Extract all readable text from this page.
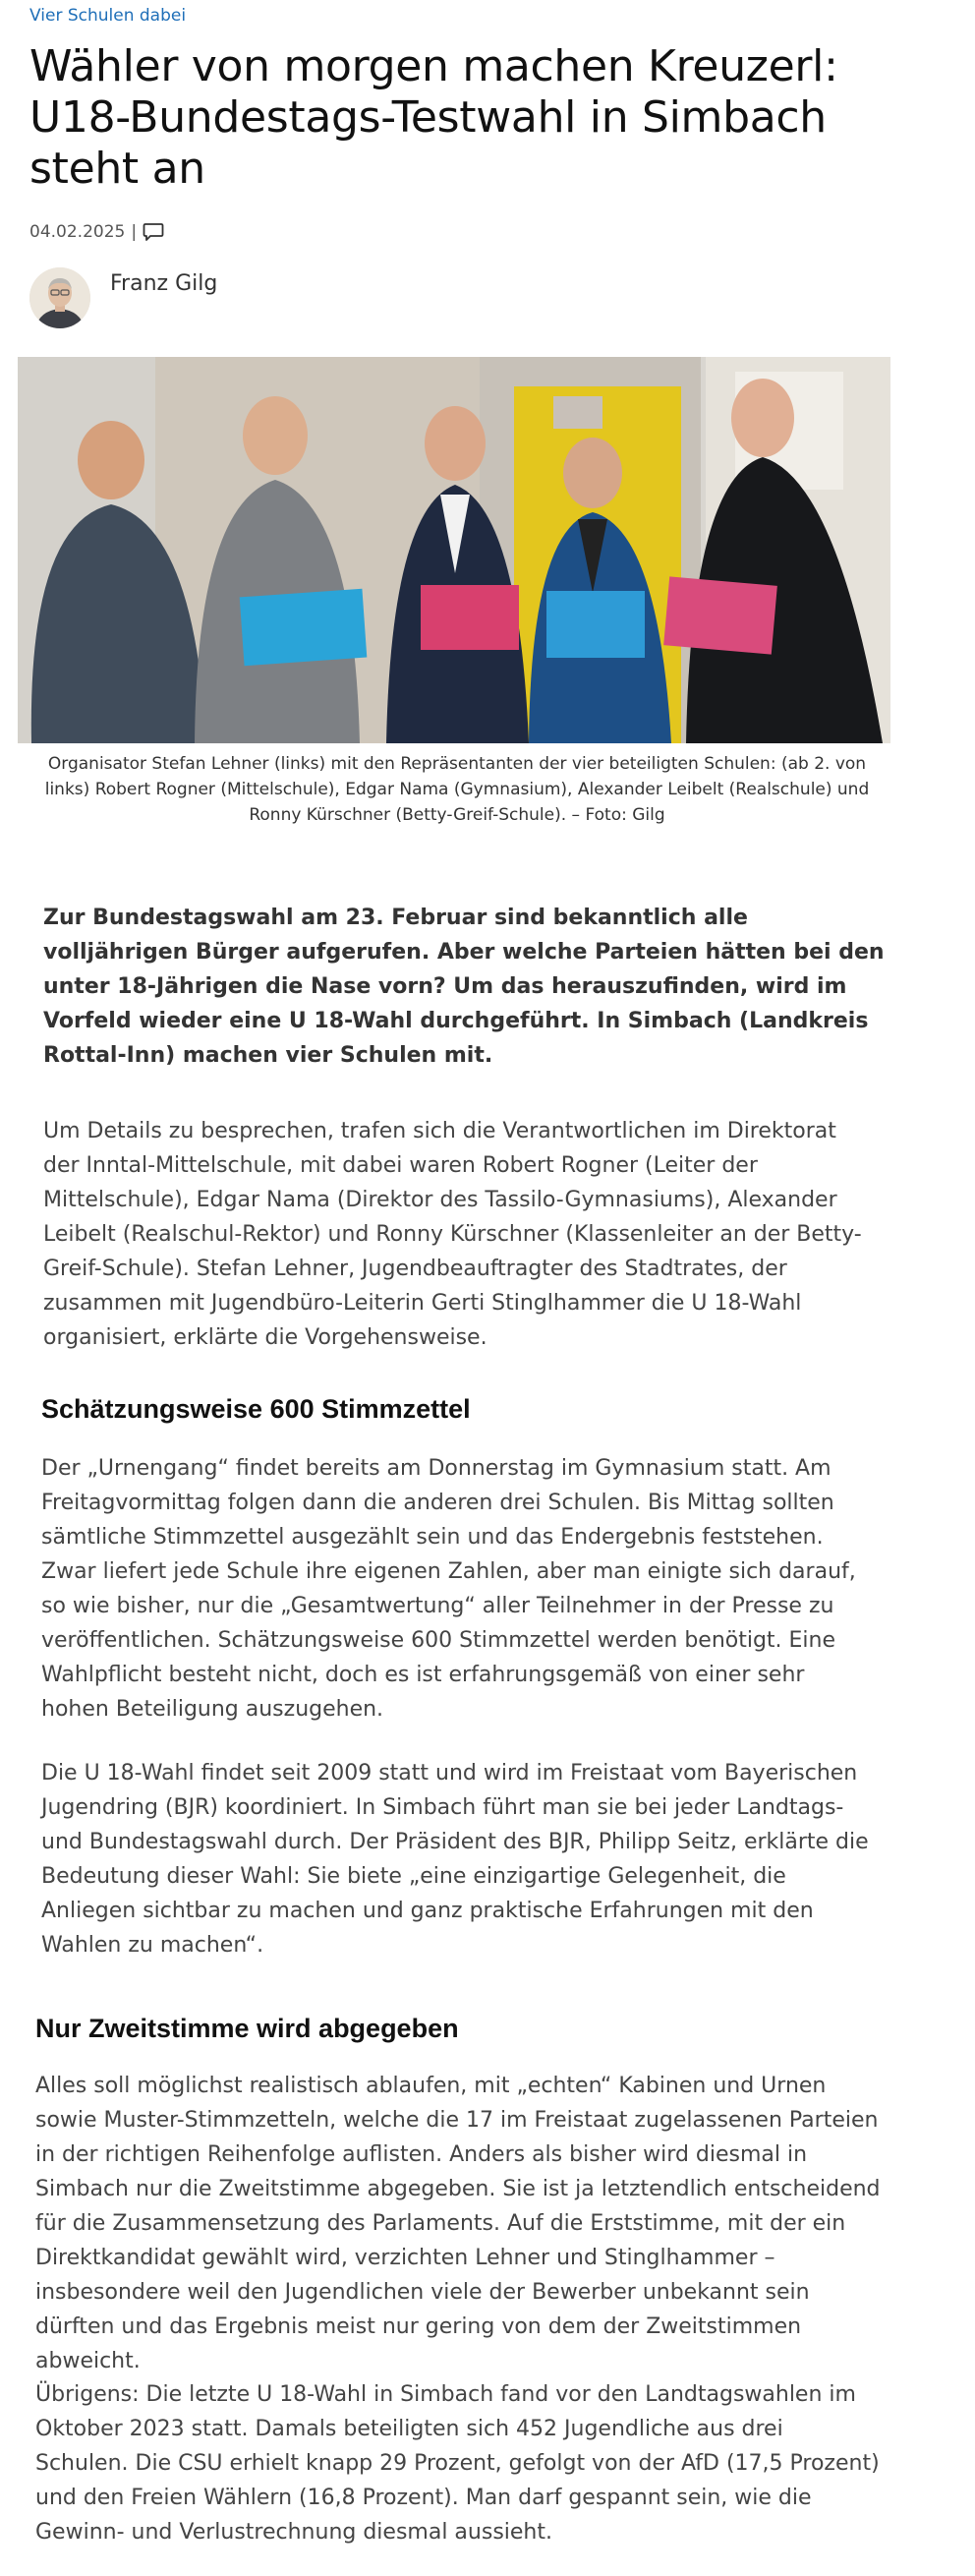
Vier Schulen dabei
Wähler von morgen machen Kreuzerl: U18-Bundestags-Testwahl in Simbach steht an
04.02.2025 |
Franz Gilg
Organisator Stefan Lehner (links) mit den Repräsentanten der vier beteiligten Schulen: (ab 2. von links) Robert Rogner (Mittelschule), Edgar Nama (Gymnasium), Alexander Leibelt (Realschule) und Ronny Kürschner (Betty-Greif-Schule). – Foto: Gilg

Zur Bundestagswahl am 23. Februar sind bekanntlich alle volljährigen Bürger aufgerufen. Aber welche Parteien hätten bei den unter 18-Jährigen die Nase vorn? Um das herauszufinden, wird im Vorfeld wieder eine U 18-Wahl durchgeführt. In Simbach (Landkreis Rottal-Inn) machen vier Schulen mit.

Um Details zu besprechen, trafen sich die Verantwortlichen im Direktorat der Inntal-Mittelschule, mit dabei waren Robert Rogner (Leiter der Mittelschule), Edgar Nama (Direktor des Tassilo-Gymnasiums), Alexander Leibelt (Realschul-Rektor) und Ronny Kürschner (Klassenleiter an der Betty-Greif-Schule). Stefan Lehner, Jugendbeauftragter des Stadtrates, der zusammen mit Jugendbüro-Leiterin Gerti Stinglhammer die U 18-Wahl organisiert, erklärte die Vorgehensweise.

Schätzungsweise 600 Stimmzettel

Der „Urnengang“ findet bereits am Donnerstag im Gymnasium statt. Am Freitagvormittag folgen dann die anderen drei Schulen. Bis Mittag sollten sämtliche Stimmzettel ausgezählt sein und das Endergebnis feststehen. Zwar liefert jede Schule ihre eigenen Zahlen, aber man einigte sich darauf, so wie bisher, nur die „Gesamtwertung“ aller Teilnehmer in der Presse zu veröffentlichen. Schätzungsweise 600 Stimmzettel werden benötigt. Eine Wahlpflicht besteht nicht, doch es ist erfahrungsgemäß von einer sehr hohen Beteiligung auszugehen.

Die U 18-Wahl findet seit 2009 statt und wird im Freistaat vom Bayerischen Jugendring (BJR) koordiniert. In Simbach führt man sie bei jeder Landtags- und Bundestagswahl durch. Der Präsident des BJR, Philipp Seitz, erklärte die Bedeutung dieser Wahl: Sie biete „eine einzigartige Gelegenheit, die Anliegen sichtbar zu machen und ganz praktische Erfahrungen mit den Wahlen zu machen“.

Nur Zweitstimme wird abgegeben

Alles soll möglichst realistisch ablaufen, mit „echten“ Kabinen und Urnen sowie Muster-Stimmzetteln, welche die 17 im Freistaat zugelassenen Parteien in der richtigen Reihenfolge auflisten. Anders als bisher wird diesmal in Simbach nur die Zweitstimme abgegeben. Sie ist ja letztendlich entscheidend für die Zusammensetzung des Parlaments. Auf die Erststimme, mit der ein Direktkandidat gewählt wird, verzichten Lehner und Stinglhammer – insbesondere weil den Jugendlichen viele der Bewerber unbekannt sein dürften und das Ergebnis meist nur gering von dem der Zweitstimmen abweicht.

Übrigens: Die letzte U 18-Wahl in Simbach fand vor den Landtagswahlen im Oktober 2023 statt. Damals beteiligten sich 452 Jugendliche aus drei Schulen. Die CSU erhielt knapp 29 Prozent, gefolgt von der AfD (17,5 Prozent) und den Freien Wählern (16,8 Prozent). Man darf gespannt sein, wie die Gewinn- und Verlustrechnung diesmal aussieht.
